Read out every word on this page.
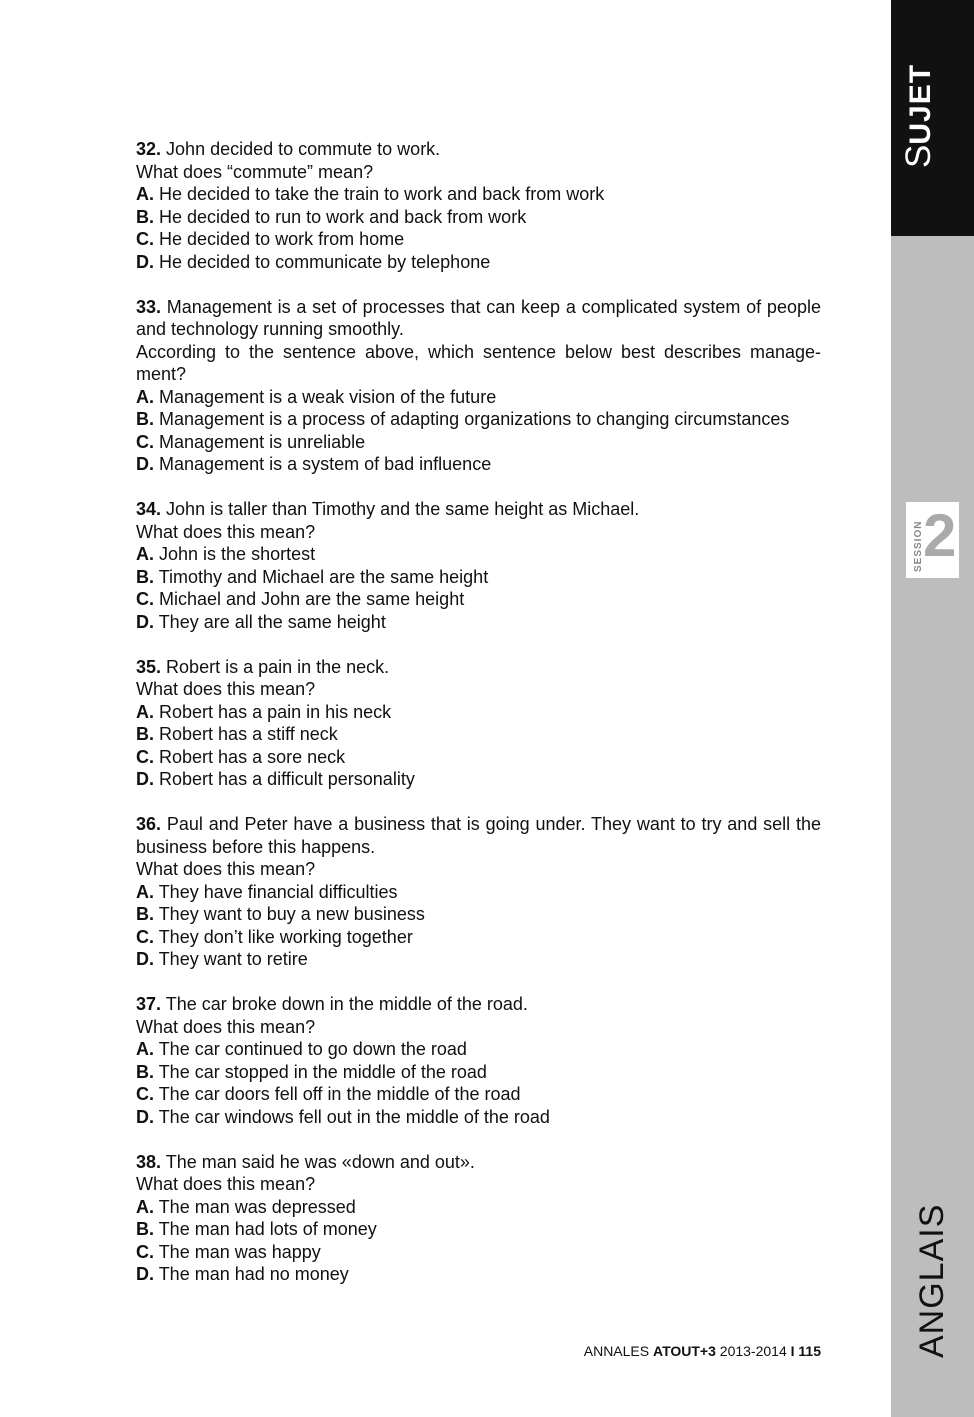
SUJET
SESSION 2
ANGLAIS

32. John decided to commute to work.

What does “commute” mean?

A. He decided to take the train to work and back from work

B. He decided to run to work and back from work

C. He decided to work from home

D. He decided to communicate by telephone

33. Management is a set of processes that can keep a complicated system of people and technology running smoothly.

According to the sentence above, which sentence below best describes manage-ment?

A. Management is a weak vision of the future

B. Management is a process of adapting organizations to changing circumstances

C. Management is unreliable

D. Management is a system of bad influence

34. John is taller than Timothy and the same height as Michael.

What does this mean?

A. John is the shortest

B. Timothy and Michael are the same height

C. Michael and John are the same height

D. They are all the same height

35. Robert is a pain in the neck.

What does this mean?

A. Robert has a pain in his neck

B. Robert has a stiff neck

C. Robert has a sore neck

D. Robert has a difficult personality

36. Paul and Peter have a business that is going under. They want to try and sell the business before this happens.

What does this mean?

A. They have financial difficulties

B. They want to buy a new business

C. They don’t like working together

D. They want to retire

37. The car broke down in the middle of the road.

What does this mean?

A. The car continued to go down the road

B. The car stopped in the middle of the road

C. The car doors fell off in the middle of the road

D. The car windows fell out in the middle of the road

38. The man said he was «down and out».

What does this mean?

A. The man was depressed

B. The man had lots of money

C. The man was happy

D. The man had no money

ANNALES ATOUT+3 2013-2014 I 115
